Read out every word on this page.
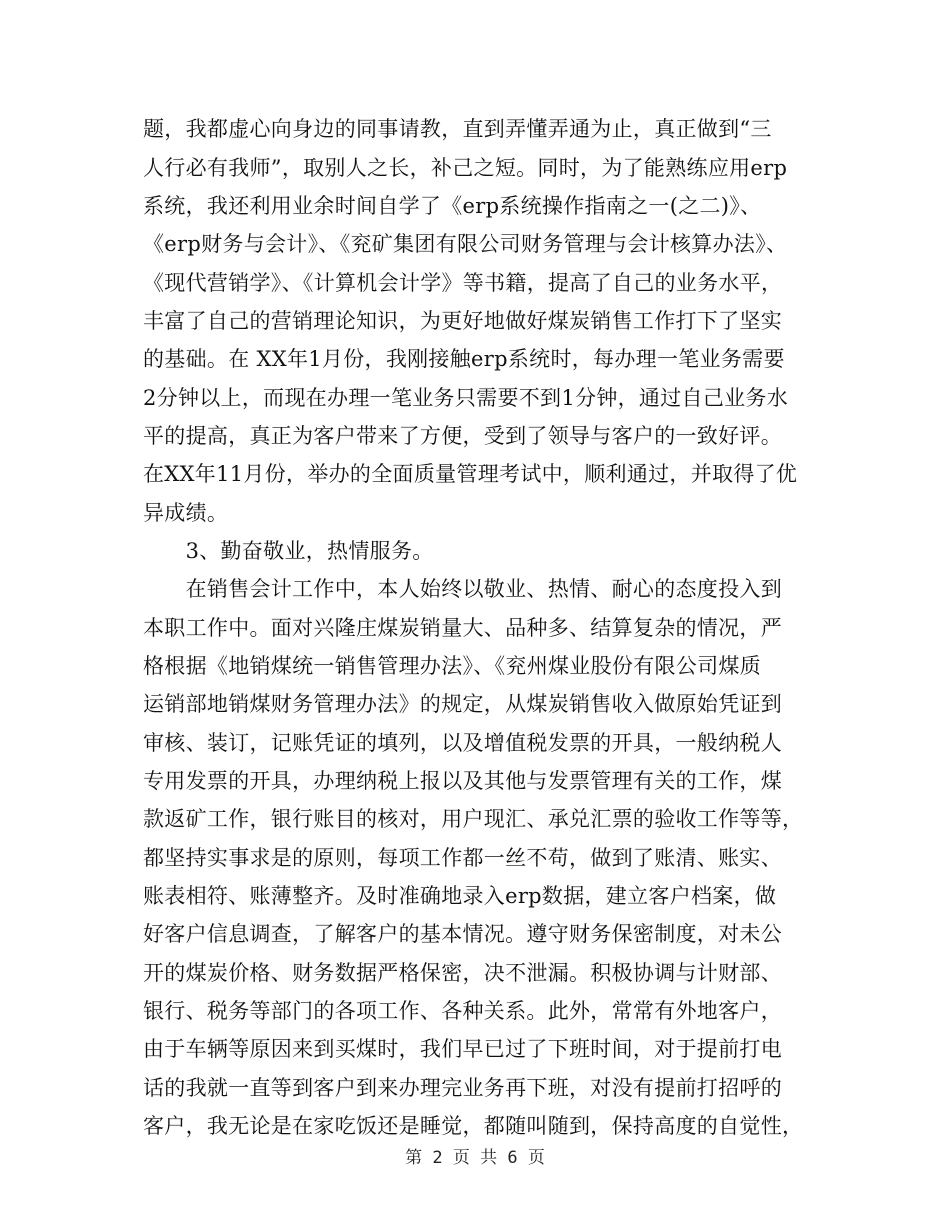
题，我都虚心向身边的同事请教，直到弄懂弄通为止，真正做到“三
人行必有我师”，取别人之长，补己之短。同时，为了能熟练应用erp
系统，我还利用业余时间自学了《erp系统操作指南之一(之二)》、
《erp财务与会计》、《兖矿集团有限公司财务管理与会计核算办法》、
《现代营销学》、《计算机会计学》等书籍，提高了自己的业务水平，
丰富了自己的营销理论知识，为更好地做好煤炭销售工作打下了坚实
的基础。在 XX年1月份，我刚接触erp系统时，每办理一笔业务需要
2分钟以上，而现在办理一笔业务只需要不到1分钟，通过自己业务水
平的提高，真正为客户带来了方便，受到了领导与客户的一致好评。
在XX年11月份，举办的全面质量管理考试中，顺利通过，并取得了优
异成绩。
　　3、勤奋敬业，热情服务。
　　在销售会计工作中，本人始终以敬业、热情、耐心的态度投入到
本职工作中。面对兴隆庄煤炭销量大、品种多、结算复杂的情况，严
格根据《地销煤统一销售管理办法》、《兖州煤业股份有限公司煤质
运销部地销煤财务管理办法》的规定，从煤炭销售收入做原始凭证到
审核、装订，记账凭证的填列，以及增值税发票的开具，一般纳税人
专用发票的开具，办理纳税上报以及其他与发票管理有关的工作，煤
款返矿工作，银行账目的核对，用户现汇、承兑汇票的验收工作等等，
都坚持实事求是的原则，每项工作都一丝不苟，做到了账清、账实、
账表相符、账薄整齐。及时准确地录入erp数据，建立客户档案，做
好客户信息调查，了解客户的基本情况。遵守财务保密制度，对未公
开的煤炭价格、财务数据严格保密，决不泄漏。积极协调与计财部、
银行、税务等部门的各项工作、各种关系。此外，常常有外地客户，
由于车辆等原因来到买煤时，我们早已过了下班时间，对于提前打电
话的我就一直等到客户到来办理完业务再下班，对没有提前打招呼的
客户，我无论是在家吃饭还是睡觉，都随叫随到，保持高度的自觉性，
第 2 页 共 6 页
